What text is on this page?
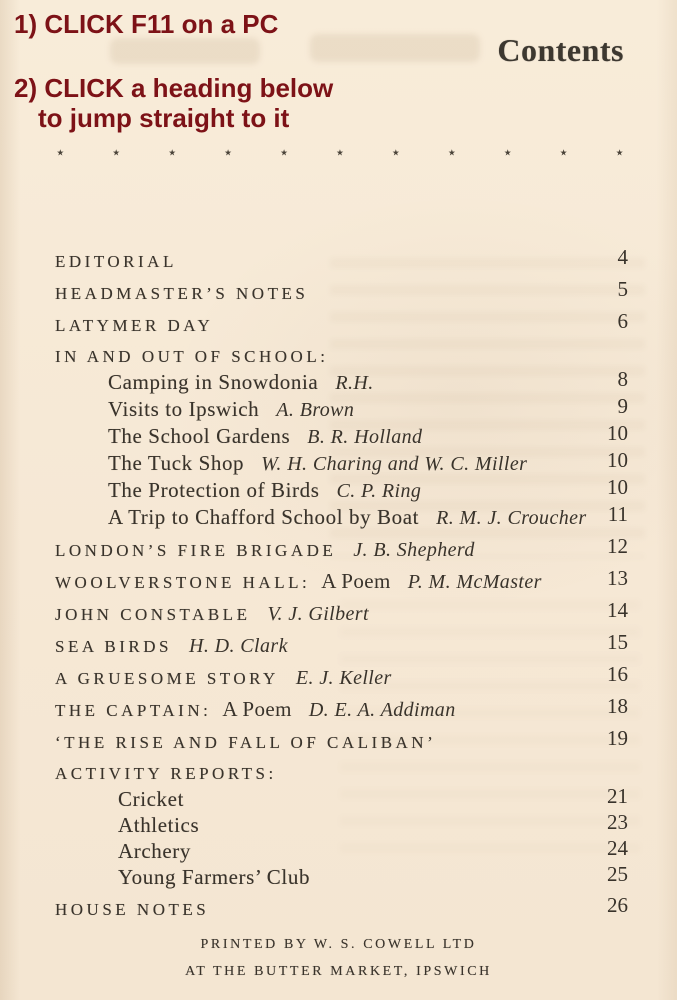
1) CLICK F11 on a PC
2) CLICK a heading below
to jump straight to it
Contents
⋆	⋆	⋆	⋆	⋆	⋆	⋆	⋆	⋆	⋆	⋆
EDITORIAL	4
HEADMASTER’S NOTES	5
LATYMER DAY	6
IN AND OUT OF SCHOOL:
Camping in Snowdonia R.H.	8
Visits to Ipswich A. Brown	9
The School Gardens B. R. Holland	10
The Tuck Shop W. H. Charing and W. C. Miller	10
The Protection of Birds C. P. Ring	10
A Trip to Chafford School by Boat R. M. J. Croucher	11
LONDON’S FIRE BRIGADE J. B. Shepherd	12
WOOLVERSTONE HALL: A Poem P. M. McMaster	13
JOHN CONSTABLE V. J. Gilbert	14
SEA BIRDS H. D. Clark	15
A GRUESOME STORY E. J. Keller	16
THE CAPTAIN: A Poem D. E. A. Addiman	18
‘THE RISE AND FALL OF CALIBAN’	19
ACTIVITY REPORTS:
Cricket	21
Athletics	23
Archery	24
Young Farmers’ Club	25
HOUSE NOTES	26
PRINTED BY W. S. COWELL LTD
AT THE BUTTER MARKET, IPSWICH
